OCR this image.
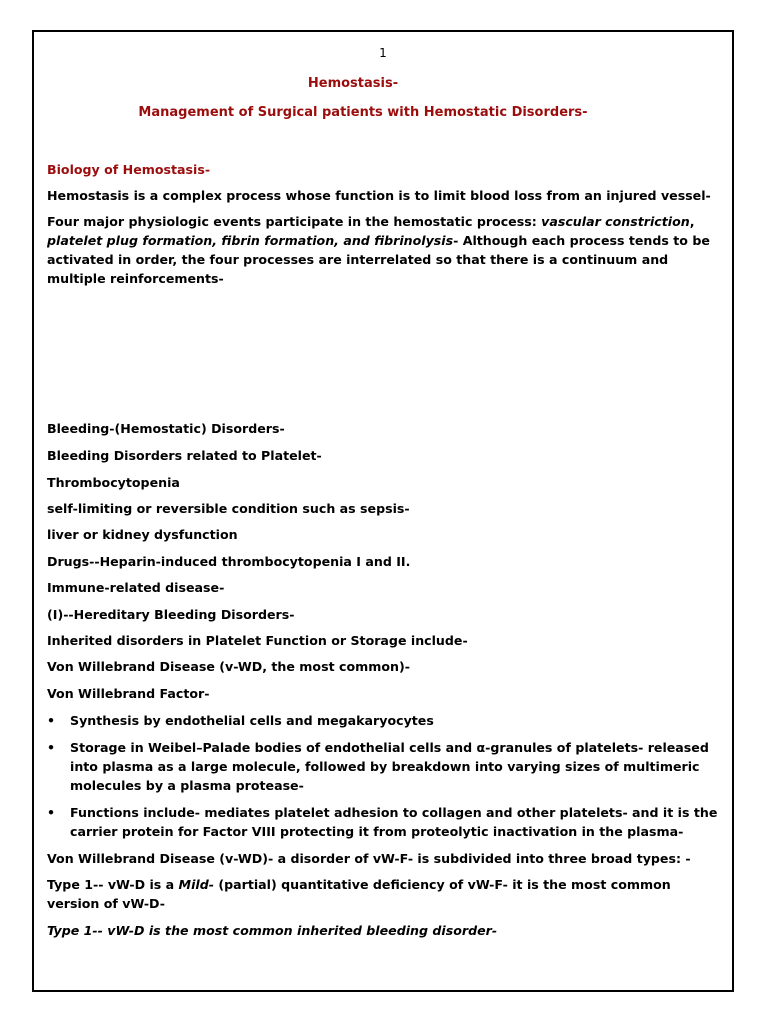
1
Hemostasis-
Management of Surgical patients with Hemostatic Disorders-
Biology of Hemostasis-
Hemostasis is a complex process whose function is to limit blood loss from an injured vessel-
Four major physiologic events participate in the hemostatic process: vascular constriction, platelet plug formation, fibrin formation, and fibrinolysis- Although each process tends to be activated in order, the four processes are interrelated so that there is a continuum and multiple reinforcements-
Bleeding-(Hemostatic) Disorders-
Bleeding Disorders related to Platelet-
Thrombocytopenia
self-limiting or reversible condition such as sepsis-
liver or kidney dysfunction
Drugs--Heparin-induced thrombocytopenia I and II.
Immune-related disease-
(I)--Hereditary Bleeding Disorders-
Inherited disorders in Platelet Function or Storage include-
Von Willebrand Disease (v-WD, the most common)-
Von Willebrand Factor-
• Synthesis by endothelial cells and megakaryocytes
• Storage in Weibel–Palade bodies of endothelial cells and α-granules of platelets- released into plasma as a large molecule, followed by breakdown into varying sizes of multimeric molecules by a plasma protease-
• Functions include- mediates platelet adhesion to collagen and other platelets- and it is the carrier protein for Factor VIII protecting it from proteolytic inactivation in the plasma-
Von Willebrand Disease (v-WD)- a disorder of vW-F- is subdivided into three broad types: -
Type 1-- vW-D is a Mild- (partial) quantitative deficiency of vW-F- it is the most common version of vW-D-
Type 1-- vW-D is the most common inherited bleeding disorder-
